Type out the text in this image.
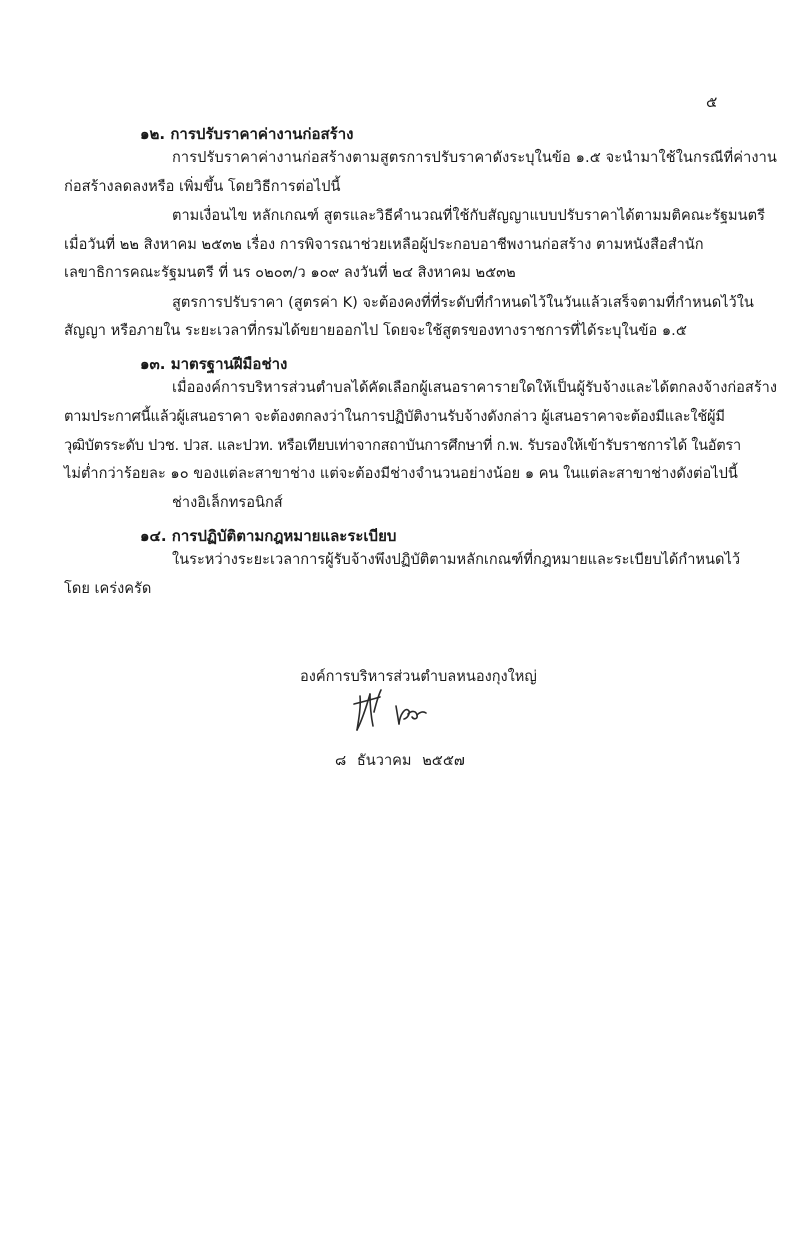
๕
๑๒. การปรับราคาค่างานก่อสร้าง
การปรับราคาค่างานก่อสร้างตามสูตรการปรับราคาดังระบุในข้อ ๑.๕ จะนำมาใช้ในกรณีที่ค่างาน
ก่อสร้างลดลงหรือ เพิ่มขึ้น โดยวิธีการต่อไปนี้
ตามเงื่อนไข หลักเกณฑ์ สูตรและวิธีคำนวณที่ใช้กับสัญญาแบบปรับราคาได้ตามมติคณะรัฐมนตรี
เมื่อวันที่ ๒๒ สิงหาคม ๒๕๓๒ เรื่อง การพิจารณาช่วยเหลือผู้ประกอบอาชีพงานก่อสร้าง ตามหนังสือสำนัก
เลขาธิการคณะรัฐมนตรี ที่ นร ๐๒๐๓/ว ๑๐๙ ลงวันที่ ๒๔ สิงหาคม ๒๕๓๒
สูตรการปรับราคา (สูตรค่า K) จะต้องคงที่ที่ระดับที่กำหนดไว้ในวันแล้วเสร็จตามที่กำหนดไว้ใน
สัญญา หรือภายใน ระยะเวลาที่กรมได้ขยายออกไป โดยจะใช้สูตรของทางราชการที่ได้ระบุในข้อ ๑.๕
๑๓. มาตรฐานฝีมือช่าง
เมื่อองค์การบริหารส่วนตำบลได้คัดเลือกผู้เสนอราคารายใดให้เป็นผู้รับจ้างและได้ตกลงจ้างก่อสร้าง
ตามประกาศนี้แล้วผู้เสนอราคา จะต้องตกลงว่าในการปฏิบัติงานรับจ้างดังกล่าว ผู้เสนอราคาจะต้องมีและใช้ผู้มี
วุฒิบัตรระดับ ปวช. ปวส. และปวท. หรือเทียบเท่าจากสถาบันการศึกษาที่ ก.พ. รับรองให้เข้ารับราชการได้ ในอัตรา
ไม่ต่ำกว่าร้อยละ ๑๐ ของแต่ละสาขาช่าง แต่จะต้องมีช่างจำนวนอย่างน้อย ๑ คน ในแต่ละสาขาช่างดังต่อไปนี้
ช่างอิเล็กทรอนิกส์
๑๔. การปฏิบัติตามกฎหมายและระเบียบ
ในระหว่างระยะเวลาการผู้รับจ้างพึงปฏิบัติตามหลักเกณฑ์ที่กฎหมายและระเบียบได้กำหนดไว้
โดย เคร่งครัด
องค์การบริหารส่วนตำบลหนองกุงใหญ่
๘ ธันวาคม ๒๕๕๗
